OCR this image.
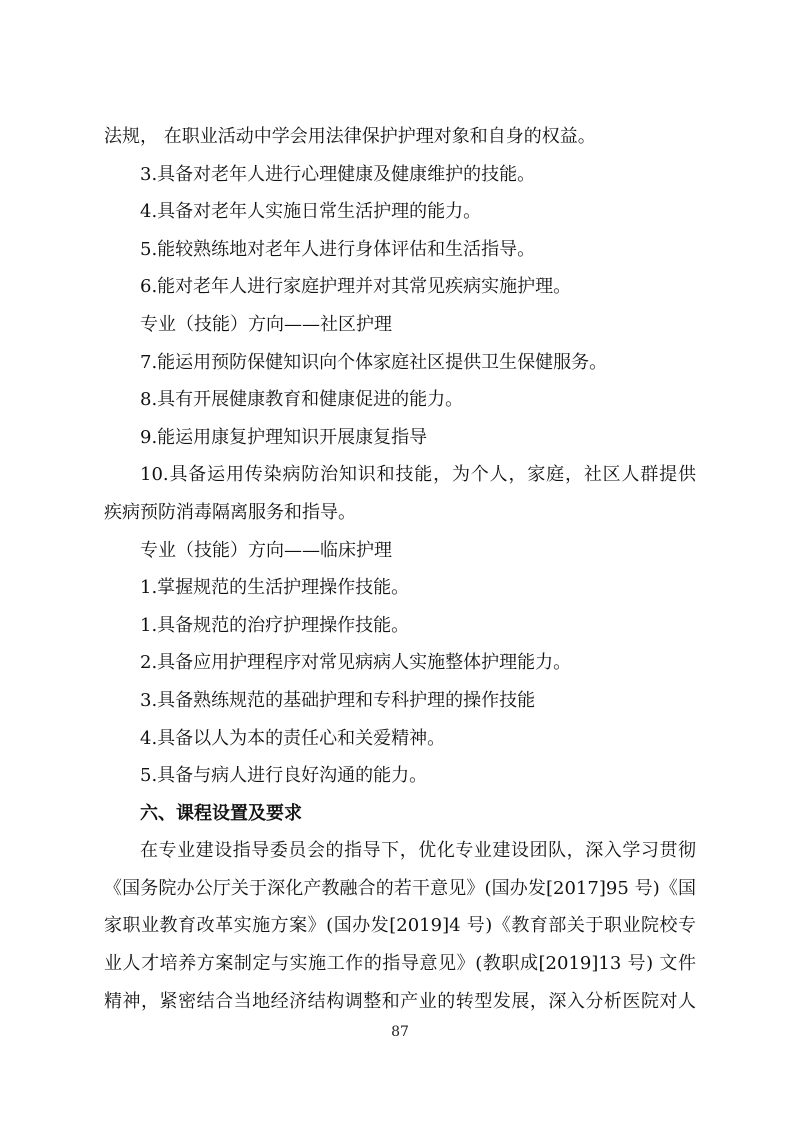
法规， 在职业活动中学会用法律保护护理对象和自身的权益。
3.具备对老年人进行心理健康及健康维护的技能。
4.具备对老年人实施日常生活护理的能力。
5.能较熟练地对老年人进行身体评估和生活指导。
6.能对老年人进行家庭护理并对其常见疾病实施护理。
专业（技能）方向——社区护理
7.能运用预防保健知识向个体家庭社区提供卫生保健服务。
8.具有开展健康教育和健康促进的能力。
9.能运用康复护理知识开展康复指导
10.具备运用传染病防治知识和技能，为个人，家庭，社区人群提供
疾病预防消毒隔离服务和指导。
专业（技能）方向——临床护理
1.掌握规范的生活护理操作技能。
1.具备规范的治疗护理操作技能。
2.具备应用护理程序对常见病病人实施整体护理能力。
3.具备熟练规范的基础护理和专科护理的操作技能
4.具备以人为本的责任心和关爱精神。
5.具备与病人进行良好沟通的能力。
六、课程设置及要求
在专业建设指导委员会的指导下，优化专业建设团队，深入学习贯彻
《国务院办公厅关于深化产教融合的若干意见》(国办发[2017]95 号)《国
家职业教育改革实施方案》(国办发[2019]4 号)《教育部关于职业院校专
业人才培养方案制定与实施工作的指导意见》(教职成[2019]13 号) 文件
精神，紧密结合当地经济结构调整和产业的转型发展，深入分析医院对人
87
